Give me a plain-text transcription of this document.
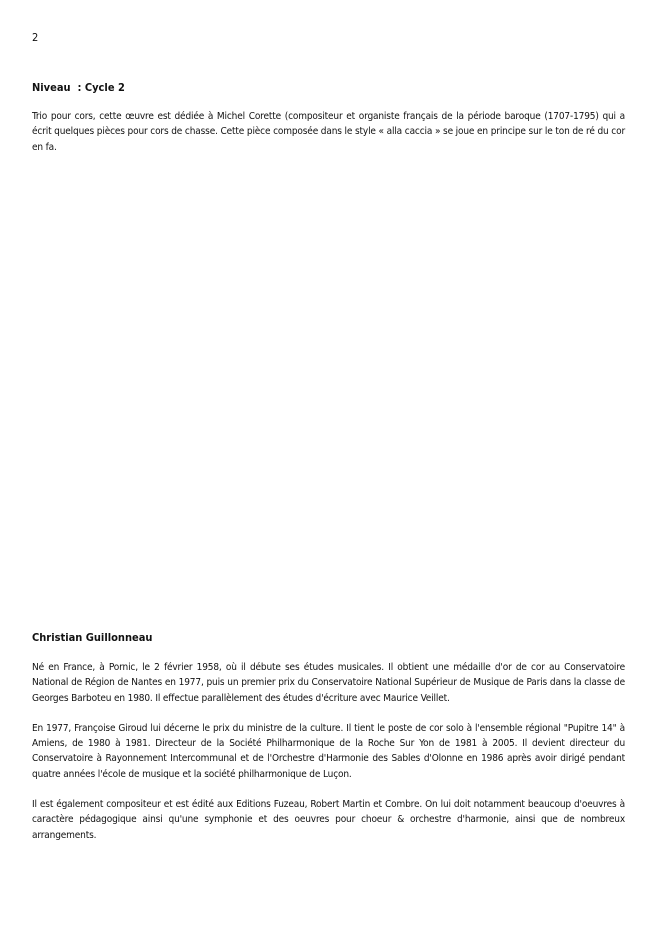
2

Niveau  : Cycle 2

Trio pour cors, cette œuvre est dédiée à Michel Corette (compositeur et organiste français de la période baroque (1707-1795) qui a écrit quelques pièces pour cors de chasse. Cette pièce composée dans le style « alla caccia » se joue en principe sur le ton de ré du cor en fa.

Christian Guillonneau

Né en France, à Pornic, le 2 février 1958, où il débute ses études musicales. Il obtient une médaille d'or de cor au Conservatoire National de Région de Nantes en 1977, puis un premier prix du Conservatoire National Supérieur de Musique de Paris dans la classe de Georges Barboteu en 1980. Il effectue parallèlement des études d'écriture avec Maurice Veillet.

En 1977, Françoise Giroud lui décerne le prix du ministre de la culture. Il tient le poste de cor solo à l'ensemble régional "Pupitre 14" à Amiens, de 1980 à 1981. Directeur de la Société Philharmonique de la Roche Sur Yon de 1981 à 2005. Il devient directeur du Conservatoire à Rayonnement Intercommunal et de l'Orchestre d'Harmonie des Sables d'Olonne en 1986 après avoir dirigé pendant quatre années l'école de musique et la société philharmonique de Luçon.

Il est également compositeur et est édité aux Editions Fuzeau, Robert Martin et Combre. On lui doit notamment beaucoup d'oeuvres à caractère pédagogique ainsi qu'une symphonie et des oeuvres pour choeur & orchestre d'harmonie, ainsi que de nombreux arrangements.
